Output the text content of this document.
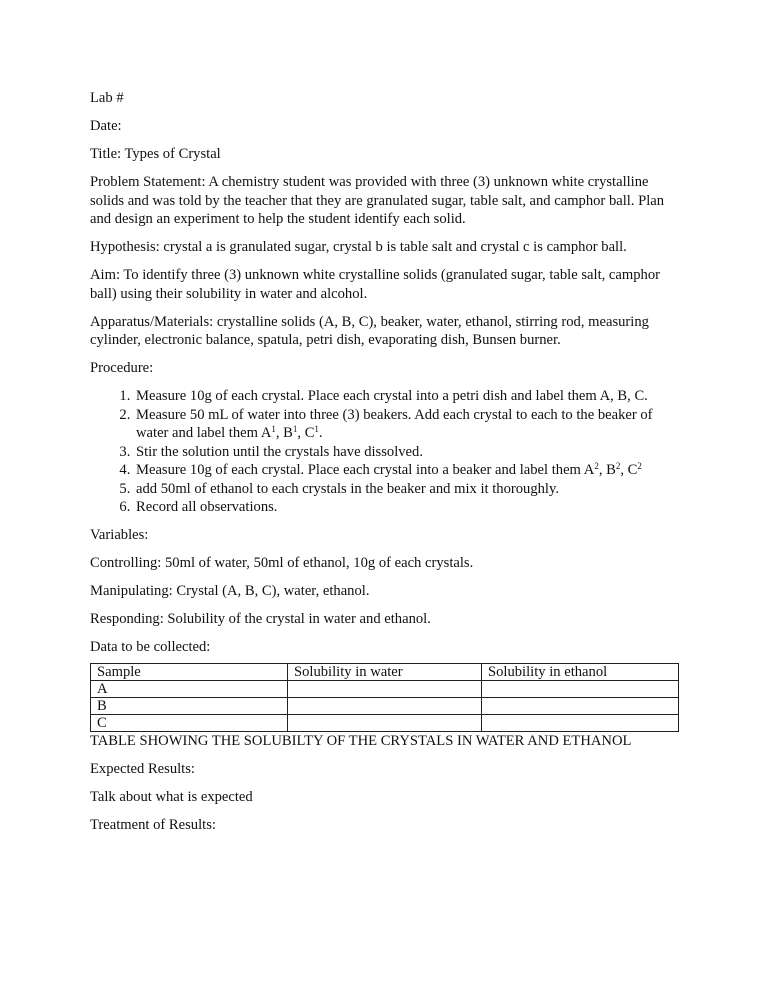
Lab #

Date:

Title: Types of Crystal

Problem Statement: A chemistry student was provided with three (3) unknown white crystalline solids and was told by the teacher that they are granulated sugar, table salt, and camphor ball. Plan and design an experiment to help the student identify each solid.

Hypothesis: crystal a is granulated sugar, crystal b is table salt and crystal c is camphor ball.

Aim: To identify three (3) unknown white crystalline solids (granulated sugar, table salt, camphor ball) using their solubility in water and alcohol.

Apparatus/Materials: crystalline solids (A, B, C), beaker, water, ethanol, stirring rod, measuring cylinder, electronic balance, spatula, petri dish, evaporating dish, Bunsen burner.

Procedure:

1. Measure 10g of each crystal. Place each crystal into a petri dish and label them A, B, C.
2. Measure 50 mL of water into three (3) beakers. Add each crystal to each to the beaker of water and label them $A^1$, $B^1$, $C^1$.
3. Stir the solution until the crystals have dissolved.
4. Measure 10g of each crystal. Place each crystal into a beaker and label them $A^2$, $B^2$, $C^2$
5. add 50ml of ethanol to each crystals in the beaker and mix it thoroughly.
6. Record all observations.

Variables:

Controlling: 50ml of water, 50ml of ethanol, 10g of each crystals.

Manipulating: Crystal (A, B, C), water, ethanol.

Responding: Solubility of the crystal in water and ethanol.

Data to be collected:

Sample	Solubility in water	Solubility in ethanol
A		
B		
C		
TABLE SHOWING THE SOLUBILTY OF THE CRYSTALS IN WATER AND ETHANOL

Expected Results:

Talk about what is expected

Treatment of Results:
